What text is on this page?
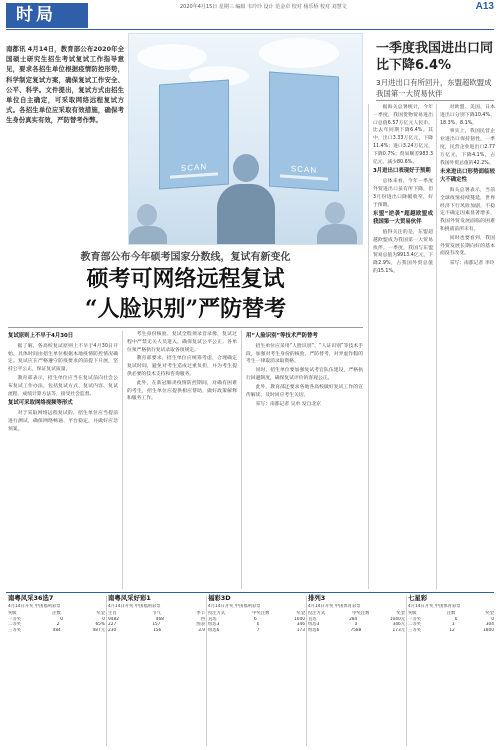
时局	2020年4月15日 星期三 编辑 韦玲玲 设计 范金卓 校对 杨乐桥 校对 刘慧文	A13
南都讯 4月14日，教育部公布2020年全国硕士研究生招生考试复试工作指导意见，要求各招生单位根据疫情防控形势，科学制定复试方案，确保复试工作安全、公平、科学。文件提出，复试方式由招生单位自主确定，可采取网络远程复试方式。各招生单位应采取有效措施，确保考生身份真实有效，严防替考作弊。
SCAN	SCAN
一季度我国进出口同比下降6.4%
3月进出口有所回升，东盟超欧盟成我国第一大贸易伙伴
教育部公布今年硕考国家分数线，复试有新变化
硕考可网络远程复试
“人脸识别”严防替考
复试原则上不早于4月30日

据了解，各高校复试原则上不早于4月30日开始，具体时间由招生单位根据本地疫情防控情况确定。复试应在严格遵守防疫要求的前提下开展，坚持公平公正，保证复试质量。

教育部表示，招生单位应当在复试前向社会公布复试工作办法，包括复试方式、复试内容、复试流程、成绩计算方法等，接受社会监督。

复试可采取网络视频等形式

对于采取网络远程复试的，招生单位应当提前进行测试，确保网络畅通、平台稳定，并做好应急预案。

考生身份核验、复试全程须录音录像，复试过程中严禁无关人员进入，确保复试公平公正。各单位须严格执行复试录取各项规定。

教育部要求，招生单位应统筹考虑，合理确定复试时间，避免对考生造成过重负担，并为考生提供必要的技术支持和咨询服务。

此外，在新冠肺炎疫情防控期间，对确有困难的考生，招生单位应提供相应帮助，做好政策解释和服务工作。

用“人脸识别”等技术严防替考

招生单位应采用“人脸识别”、“人证识别”等技术手段，加强对考生身份的核验，严防替考，对弄虚作假的考生一律取消录取资格。

同时，招生单位要加强复试考官队伍建设，严格执行回避制度，确保复试评价的客观公正。

此外，教育部还要求各地各高校做好复试工作的宣传解读，及时回应考生关切。

采写：南都记者 吴单 发自北京

据海关总署统计，今年一季度，我国货物贸易进出口总值6.57万亿元人民币，比去年同期下降6.4%。其中，出口3.33万亿元，下降11.4%；进口3.24万亿元，下降0.7%；贸易顺差983.3亿元，减少80.6%。

3月进出口表现好于预期

总体来看，今年一季度外贸进出口虽有所下降，但3月份进出口降幅收窄，好于预期。

东盟“逆袭”超越欧盟成我国第一大贸易伙伴

值得关注的是，东盟超越欧盟成为我国第一大贸易伙伴。一季度，我国与东盟贸易总值为9913.4亿元，下降2.9%，占我国外贸总值的15.1%。

对欧盟、美国、日本进出口分别下降10.4%、18.3%、8.1%。

事实上，我国民营企业进出口保持韧性，一季度，民营企业进出口2.77万亿元，下降4.1%，占我国外贸总值的42.2%。

未来进出口形势面临较大不确定性

海关总署表示，当前全球疫情持续蔓延，世界经济下行风险加剧，不稳定不确定因素显著增多，我国外贸发展面临的困难和挑战前所未有。

同时也要看到，我国外贸发展长期向好的基本面没有改变。

采写：南都记者 李玲
南粤风采36选7
4月14日开奖 中国福利彩票
奖级	注数	奖金
一等奖	0	0
二等奖	2	65%
三等奖	484	487元
南粤风采好彩1
4月14日开奖 中国福利彩票
生肖	节气	季节
9482	468	西
227	157	图表
230	156	3.9
福彩3D
4月14日开奖 中国福利彩票
投注方式	中奖注数	奖金
直选	6	1040
组选3	0	346
组选6	7	173
排列3
4月14日开奖 中国体育彩票
投注方式	中奖注数	奖金
直选	284	1040元
组选3	0	346元
组选6	7588	173元
七星彩
4月14日开奖 中国体育彩票
奖级	注数	奖金
一等奖	0	0
二等奖	1	304
三等奖	12	1800
